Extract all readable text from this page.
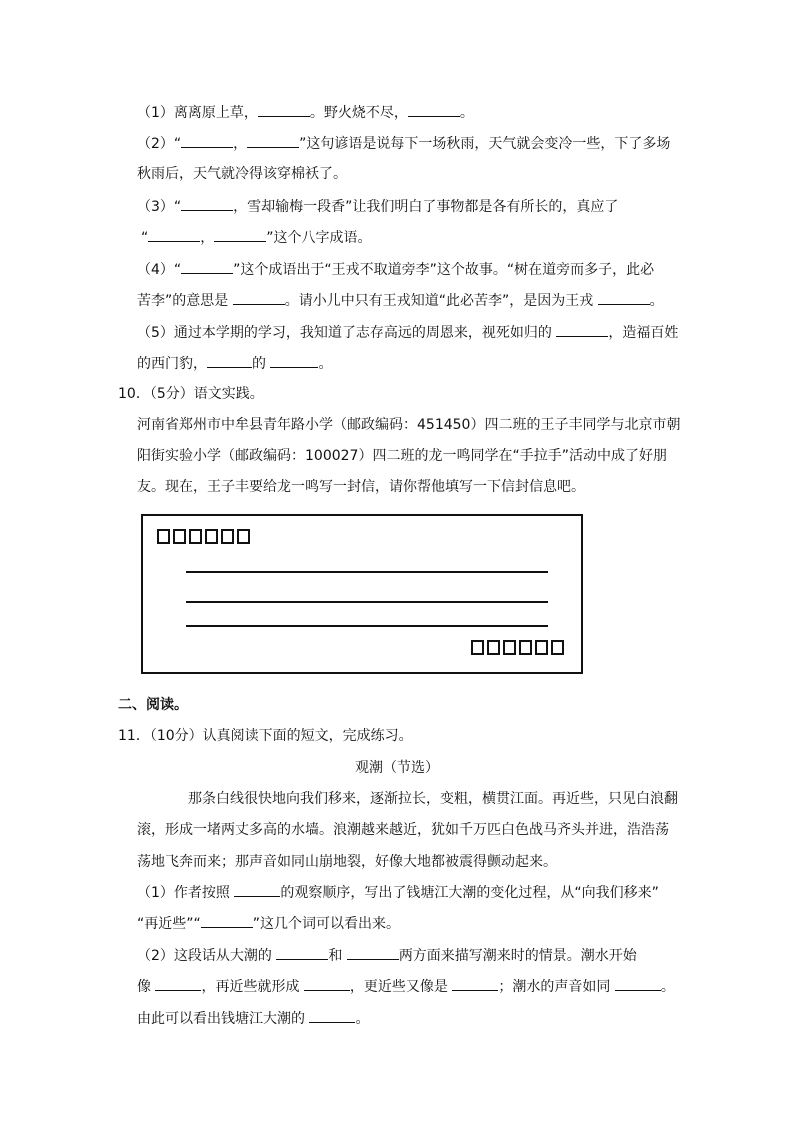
（1）离离原上草，	。野火烧不尽，	。
（2）“	，	”这句谚语是说每下一场秋雨，天气就会变冷一些，下了多场
秋雨后，天气就冷得该穿棉袄了。
（3）“	，雪却输梅一段香”让我们明白了事物都是各有所长的，真应了
“	，	”这个八字成语。
（4）“	”这个成语出于“王戎不取道旁李”这个故事。“树在道旁而多子，此必
苦李”的意思是	。请小儿中只有王戎知道“此必苦李”，是因为王戎	。
（5）通过本学期的学习，我知道了志存高远的周恩来，视死如归的	，造福百姓
的西门豹，	的	。
10．（5分）语文实践。
河南省郑州市中牟县青年路小学（邮政编码：451450）四二班的王子丰同学与北京市朝
阳街实验小学（邮政编码：100027）四二班的龙一鸣同学在“手拉手”活动中成了好朋
友。现在，王子丰要给龙一鸣写一封信，请你帮他填写一下信封信息吧。
二、阅读。
11．（10分）认真阅读下面的短文，完成练习。
观潮（节选）
那条白线很快地向我们移来，逐渐拉长，变粗，横贯江面。再近些，只见白浪翻
滚，形成一堵两丈多高的水墙。浪潮越来越近，犹如千万匹白色战马齐头并进，浩浩荡
荡地飞奔而来；那声音如同山崩地裂，好像大地都被震得颤动起来。
（1）作者按照	的观察顺序，写出了钱塘江大潮的变化过程，从“向我们移来”
“再近些”“	”这几个词可以看出来。
（2）这段话从大潮的	和	两方面来描写潮来时的情景。潮水开始
像	，再近些就形成	，更近些又像是	；潮水的声音如同	。
由此可以看出钱塘江大潮的	。
